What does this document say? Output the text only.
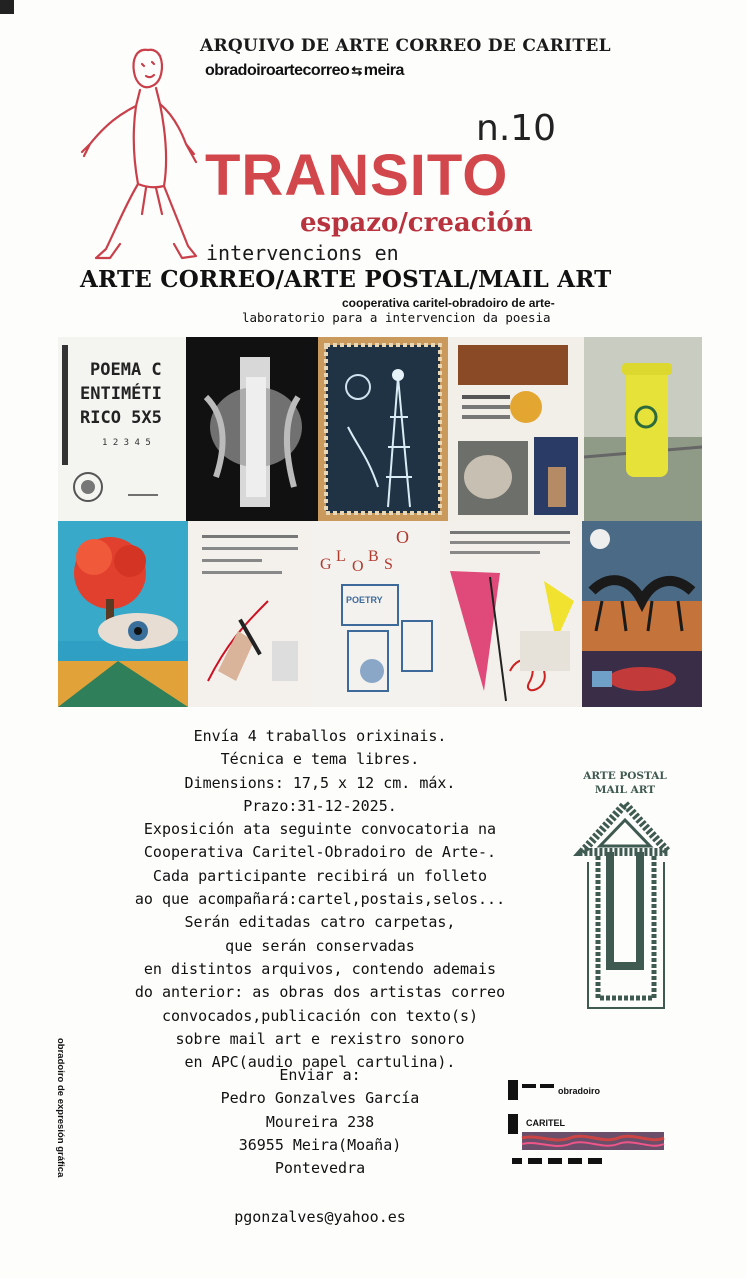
ARQUIVO DE ARTE CORREO DE CARITEL
obradoiroartecorreo ⇆ meira
n.10
TRANSITO
espazo/creación
intervencions en
ARTE CORREO/ARTE POSTAL/MAIL ART
cooperativa caritel-obradoiro de arte-
laboratorio para a intervencion da poesia
POEMA C
ENTIMÉTI
RICO 5X5
1 2 3 4 5
G L
O
B S
O
POETRY
Envía 4 traballos orixinais.
Técnica e tema libres.
Dimensions: 17,5 x 12 cm. máx.
Prazo:31-12-2025.
Exposición ata seguinte convocatoria na
Cooperativa Caritel-Obradoiro de Arte-.
Cada participante recibirá un folleto
ao que acompañará:cartel,postais,selos...
Serán editadas catro carpetas,
que serán conservadas
en distintos arquivos, contendo ademais
do anterior: as obras dos artistas correo
convocados,publicación con texto(s)
sobre mail art e rexistro sonoro
en APC(audio papel cartulina).
Enviar a:
Pedro Gonzalves García
Moureira 238
36955 Meira(Moaña)
Pontevedra
pgonzalves@yahoo.es
obradoiro de expresión gráfica
ARTE POSTAL
MAIL ART
obradoiro
CARITEL
